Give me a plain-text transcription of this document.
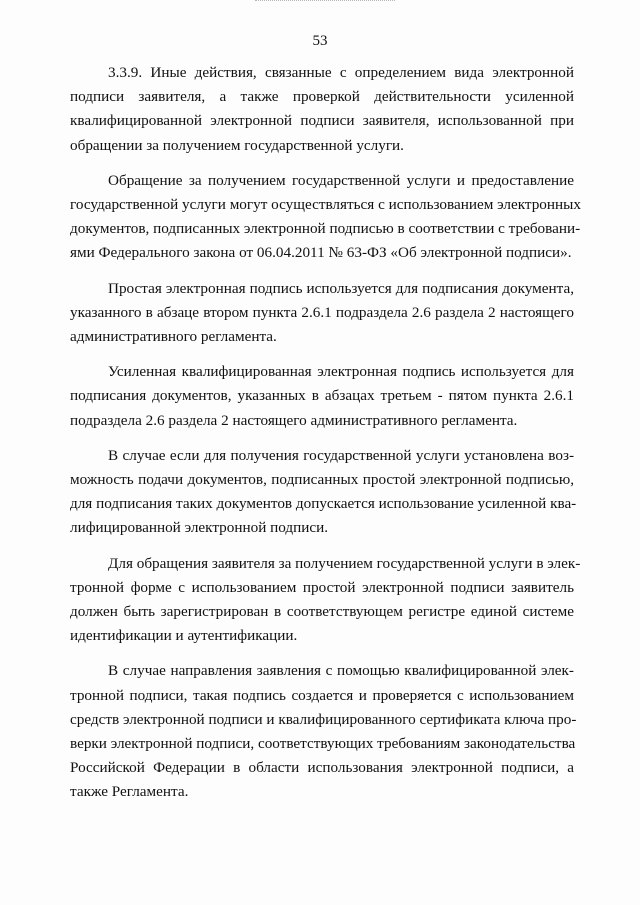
53

3.3.9. Иные действия, связанные с определением вида электронной
подписи заявителя, а также проверкой действительности усиленной
квалифицированной электронной подписи заявителя, использованной при
обращении за получением государственной услуги.

Обращение за получением государственной услуги и предоставление
государственной услуги могут осуществляться с использованием электронных
документов, подписанных электронной подписью в соответствии с требовани-
ями Федерального закона от 06.04.2011 № 63-ФЗ «Об электронной подписи».

Простая электронная подпись используется для подписания документа,
указанного в абзаце втором пункта 2.6.1 подраздела 2.6 раздела 2 настоящего
административного регламента.

Усиленная квалифицированная электронная подпись используется для
подписания документов, указанных в абзацах третьем - пятом пункта 2.6.1
подраздела 2.6 раздела 2 настоящего административного регламента.

В случае если для получения государственной услуги установлена воз-
можность подачи документов, подписанных простой электронной подписью,
для подписания таких документов допускается использование усиленной ква-
лифицированной электронной подписи.

Для обращения заявителя за получением государственной услуги в элек-
тронной форме с использованием простой электронной подписи заявитель
должен быть зарегистрирован в соответствующем регистре единой системе
идентификации и аутентификации.

В случае направления заявления с помощью квалифицированной элек-
тронной подписи, такая подпись создается и проверяется с использованием
средств электронной подписи и квалифицированного сертификата ключа про-
верки электронной подписи, соответствующих требованиям законодательства
Российской Федерации в области использования электронной подписи, а
также Регламента.
